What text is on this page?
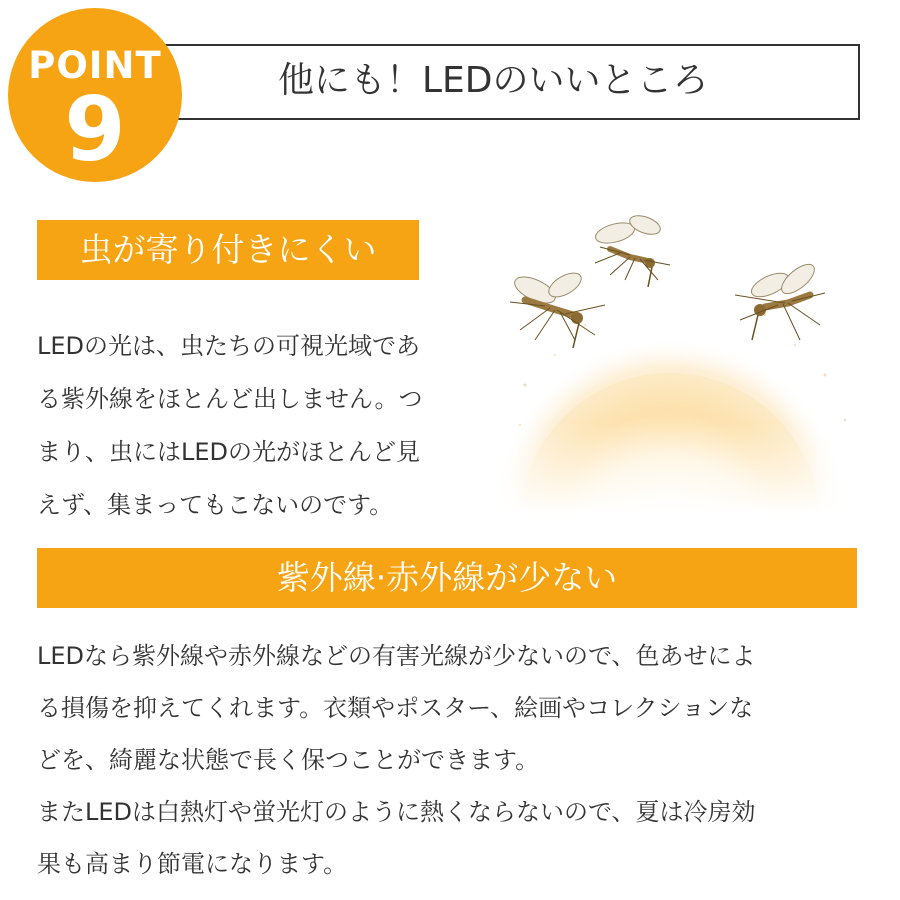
POINT
9	他にも！LEDのいいところ
虫が寄り付きにくい
LEDの光は、虫たちの可視光域であ
る紫外線をほとんど出しません。つ
まり、虫にはLEDの光がほとんど見
えず、集まってもこないのです。
紫外線·赤外線が少ない
LEDなら紫外線や赤外線などの有害光線が少ないので、色あせによ
る損傷を抑えてくれます。衣類やポスター、絵画やコレクションな
どを、綺麗な状態で長く保つことができます。
またLEDは白熱灯や蛍光灯のように熱くならないので、夏は冷房効
果も高まり節電になります。
